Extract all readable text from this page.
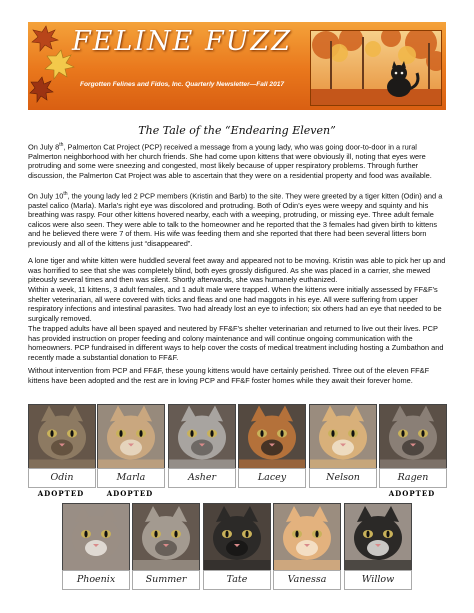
FELINE FUZZ
Forgotten Felines and Fidos, Inc. Quarterly Newsletter—Fall 2017
The Tale of the “Endearing Eleven”

On July 8th, Palmerton Cat Project (PCP) received a message from a young lady, who was going door-to-door in a rural Palmerton neighborhood with her church friends. She had come upon kittens that were obviously ill, noting that eyes were protruding and some were sneezing and congested, most likely because of upper respiratory problems. Through further discussion, the Palmerton Cat Project was able to ascertain that they were on a residential property and food was available.

On July 10th, the young lady led 2 PCP members (Kristin and Barb) to the site. They were greeted by a tiger kitten (Odin) and a pastel calico (Marla). Marla’s right eye was discolored and protruding. Both of Odin’s eyes were weepy and squinty and his breathing was raspy. Four other kittens hovered nearby, each with a weeping, protruding, or missing eye. Three adult female calicos were also seen. They were able to talk to the homeowner and he reported that the 3 females had given birth to kittens and he believed there were 7 of them. His wife was feeding them and she reported that there had been several litters born previously and all of the kittens just “disappeared”.

A lone tiger and white kitten were huddled several feet away and appeared not to be moving. Kristin was able to pick her up and was horrified to see that she was completely blind, both eyes grossly disfigured. As she was placed in a carrier, she mewed piteously several times and then was silent. Shortly afterwards, she was humanely euthanized.

Within a week, 11 kittens, 3 adult females, and 1 adult male were trapped. When the kittens were initially assessed by FF&F’s shelter veterinarian, all were covered with ticks and fleas and one had maggots in his eye. All were suffering from upper respiratory infections and intestinal parasites. Two had already lost an eye to infection; six others had an eye that needed to be surgically removed.

The trapped adults have all been spayed and neutered by FF&F’s shelter veterinarian and returned to live out their lives. PCP has provided instruction on proper feeding and colony maintenance and will continue ongoing communication with the homeowners. PCP fundraised in different ways to help cover the costs of medical treatment including hosting a Zumbathon and recently made a substantial donation to FF&F.

Without intervention from PCP and FF&F, these young kittens would have certainly perished. Three out of the eleven FF&F kittens have been adopted and the rest are in loving PCP and FF&F foster homes while they await their forever home.

Odin
ADOPTED
Marla
ADOPTED
Asher	Lacey	Nelson	Ragen
ADOPTED
Phoenix	Summer	Tate	Vanessa	Willow
